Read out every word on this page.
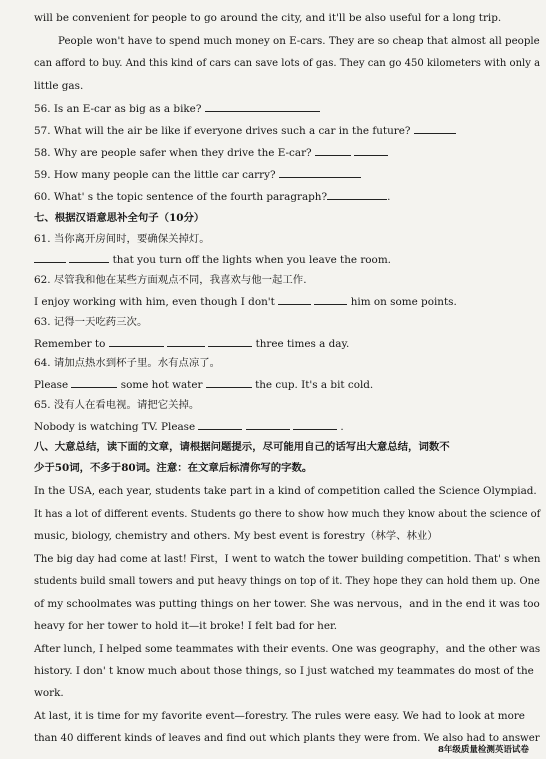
will be convenient for people to go around the city, and it'll be also useful for a long trip.
People won't have to spend much money on E-cars. They are so cheap that almost all people
can afford to buy. And this kind of cars can save lots of gas. They can go 450 kilometers with only a
little gas.
56. Is an E-car as big as a bike?
57. What will the air be like if everyone drives such a car in the future?
58. Why are people safer when they drive the E-car?
59. How many people can the little car carry?
60. What' s the topic sentence of the fourth paragraph?	.
七、根据汉语意思补全句子（10分）
61. 当你离开房间时，要确保关掉灯。
that you turn off the lights when you leave the room.
62. 尽管我和他在某些方面观点不同，我喜欢与他一起工作.
I enjoy working with him, even though I don't	him on some points.
63. 记得一天吃药三次。
Remember to	three times a day.
64. 请加点热水到杯子里。水有点凉了。
Please	some hot water	the cup. It's a bit cold.
65. 没有人在看电视。请把它关掉。
Nobody is watching TV. Please	.
八、大意总结，读下面的文章，请根据问题提示，尽可能用自己的话写出大意总结，词数不
少于50词，不多于80词。注意：在文章后标清你写的字数。
In the USA, each year, students take part in a kind of competition called the Science Olympiad.
It has a lot of different events. Students go there to show how much they know about the science of
music, biology, chemistry and others. My best event is forestry（林学、林业）
The big day had come at last! First，I went to watch the tower building competition. That' s when
students build small towers and put heavy things on top of it. They hope they can hold them up. One
of my schoolmates was putting things on her tower. She was nervous，and in the end it was too
heavy for her tower to hold it—it broke! I felt bad for her.
After lunch, I helped some teammates with their events. One was geography，and the other was
history. I don' t know much about those things, so I just watched my teammates do most of the
work.
At last, it is time for my favorite event—forestry. The rules were easy. We had to look at more
than 40 different kinds of leaves and find out which plants they were from. We also had to answer
8年级质量检测英语试卷
